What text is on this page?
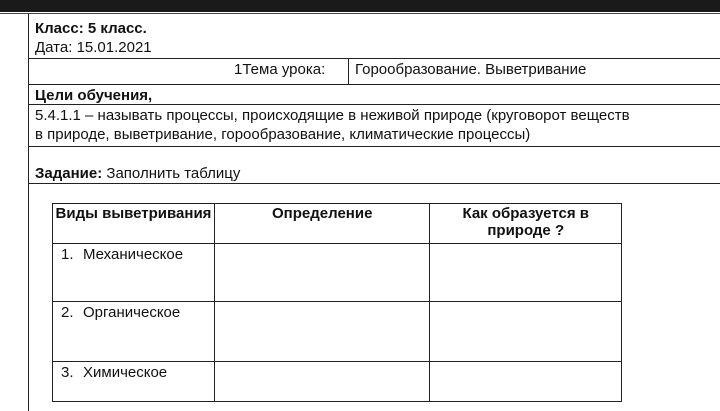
Класс: 5 класс.
Дата: 15.01.2021
1Тема урока: Горообразование. Выветривание
Цели обучения,
5.4.1.1 – называть процессы, происходящие в неживой природе (круговорот веществ
в природе, выветривание, горообразование, климатические процессы)
Задание: Заполнить таблицу
Виды выветривания	Определение	Как образуется в природе ?

1. Механическое		

2. Органическое		

3. Химическое		
